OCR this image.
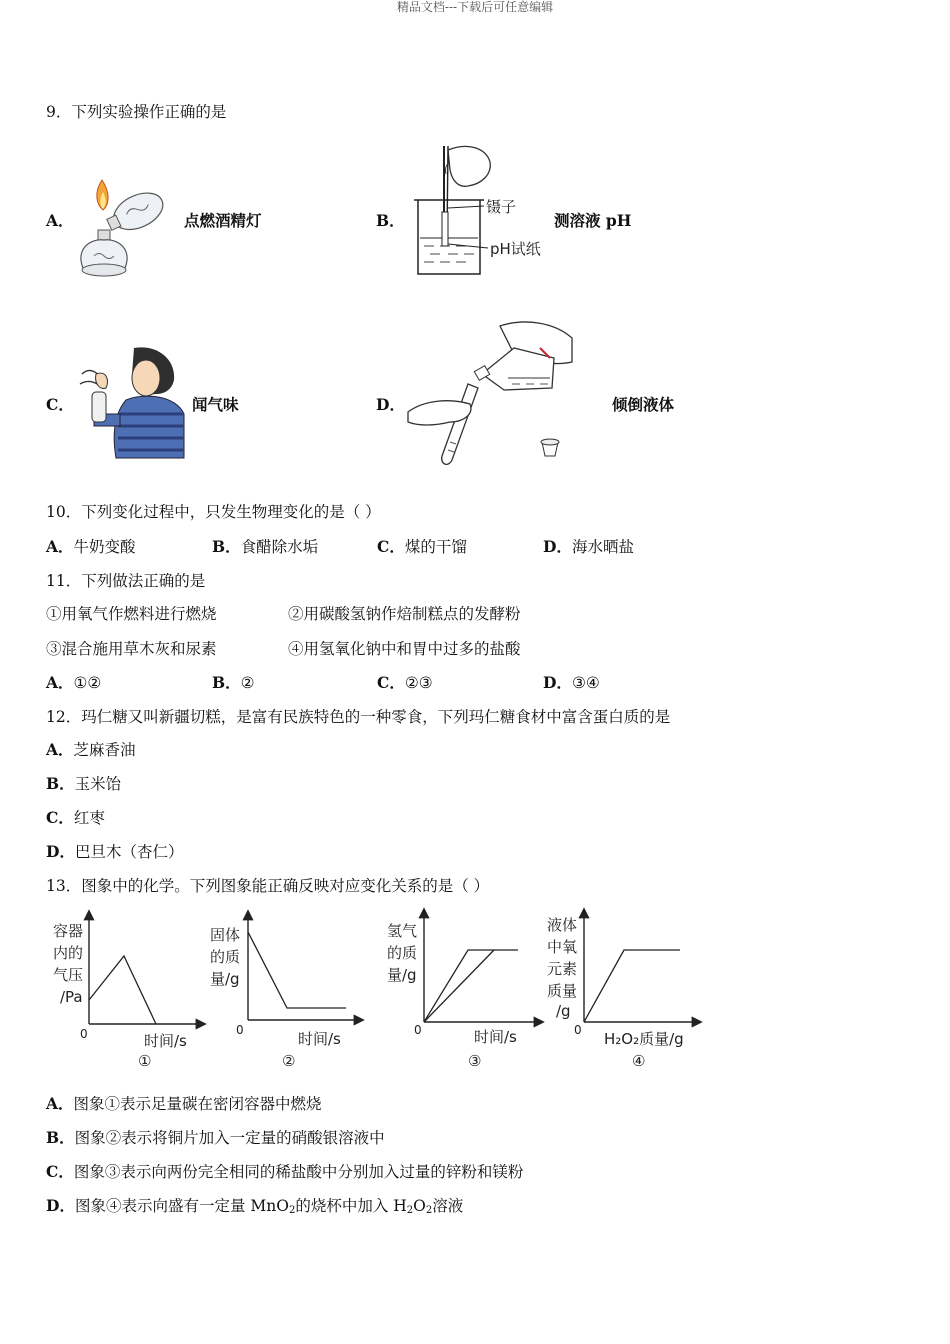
精品文档---下载后可任意编辑
9．下列实验操作正确的是
A．	点燃酒精灯	B．
镊子
pH试纸
测溶液 pH
C．	闻气味	D．	倾倒液体
10．下列变化过程中，只发生物理变化的是（ ）
A．牛奶变酸	B．食醋除水垢	C．煤的干馏	D．海水晒盐
11．下列做法正确的是
①用氧气作燃料进行燃烧	②用碳酸氢钠作焙制糕点的发酵粉
③混合施用草木灰和尿素	④用氢氧化钠中和胃中过多的盐酸
A．①②	B．②	C．②③	D．③④
12．玛仁糖又叫新疆切糕，是富有民族特色的一种零食，下列玛仁糖食材中富含蛋白质的是
A．芝麻香油
B．玉米饴
C．红枣
D．巴旦木（杏仁）
13．图象中的化学。下列图象能正确反映对应变化关系的是（ ）
容器
内的
气压
/Pa
0	时间/s
①
固体
的质
量/g
0	时间/s
②
氢气
的质
量/g
0	时间/s
③
液体
中氧
元素
质量
/g
0 H₂O₂质量/g
④
A．图象①表示足量碳在密闭容器中燃烧
B．图象②表示将铜片加入一定量的硝酸银溶液中
C．图象③表示向两份完全相同的稀盐酸中分别加入过量的锌粉和镁粉
D．图象④表示向盛有一定量 MnO$_2$的烧杯中加入 $H_2O_2$溶液
